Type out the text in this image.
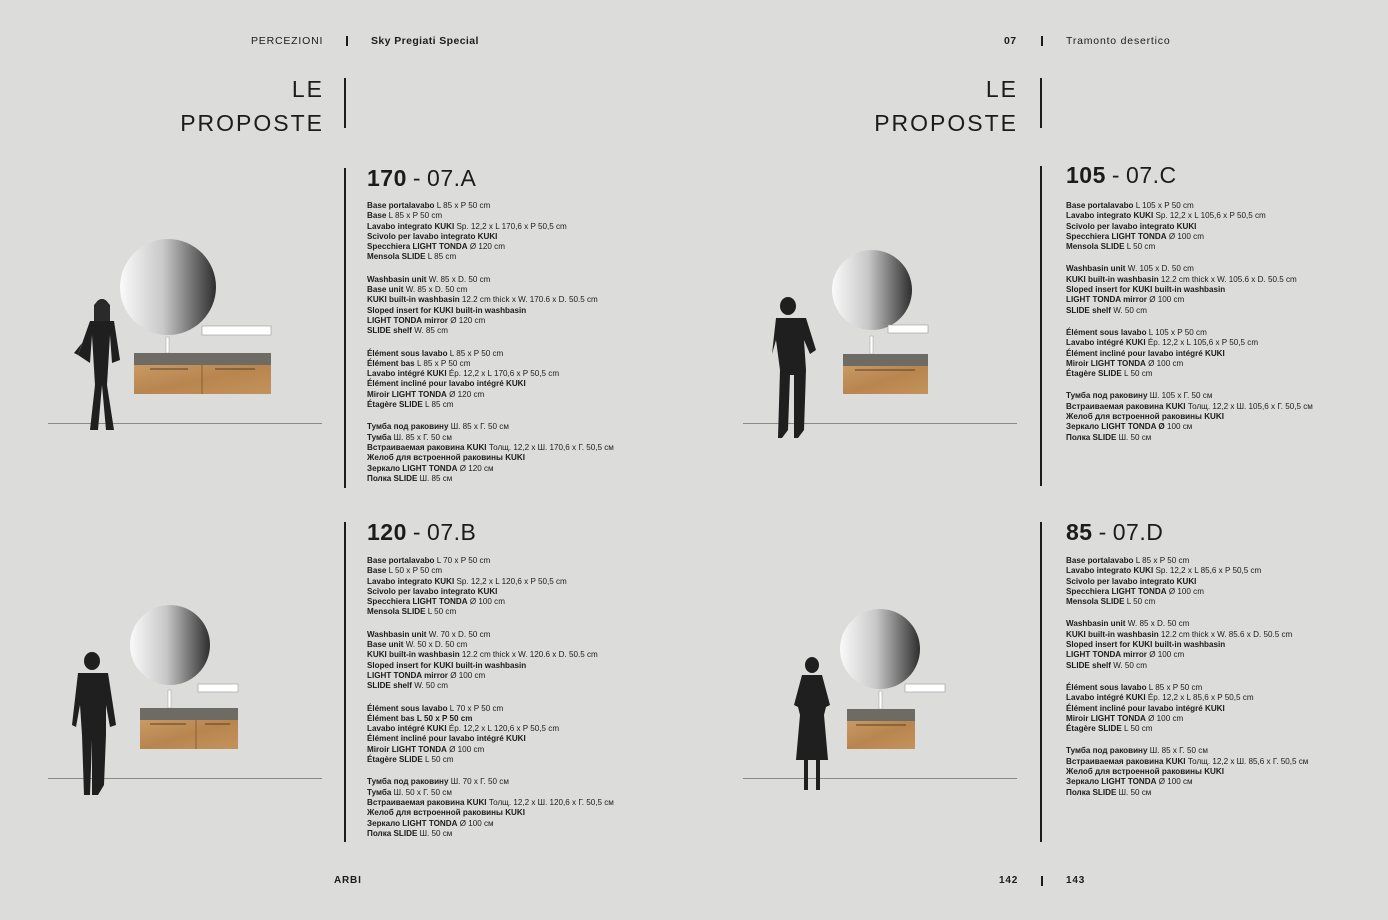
PERCEZIONI	Sky Pregiati Special	07	Tramonto desertico
LE
PROPOSTE
LE
PROPOSTE
170 - 07.A
Base portalavabo L 85 x P 50 cm
Base L 85 x P 50 cm
Lavabo integrato KUKI Sp. 12,2 x L 170,6 x P 50,5 cm
Scivolo per lavabo integrato KUKI
Specchiera LIGHT TONDA Ø 120 cm
Mensola SLIDE L 85 cm
Washbasin unit W. 85 x D. 50 cm
Base unit W. 85 x D. 50 cm
KUKI built-in washbasin 12.2 cm thick x W. 170.6 x D. 50.5 cm
Sloped insert for KUKI built-in washbasin
LIGHT TONDA mirror Ø 120 cm
SLIDE shelf W. 85 cm
Élément sous lavabo L 85 x P 50 cm
Élément bas L 85 x P 50 cm
Lavabo intégré KUKI Ép. 12,2 x L 170,6 x P 50,5 cm
Élément incliné pour lavabo intégré KUKI
Miroir LIGHT TONDA Ø 120 cm
Étagère SLIDE L 85 cm
Тумба под раковину Ш. 85 x Г. 50 см
Тумба Ш. 85 x Г. 50 см
Встраиваемая раковина KUKI Толщ. 12,2 x Ш. 170,6 x Г. 50,5 см
Желоб для встроенной раковины KUKI
Зеркало LIGHT TONDA Ø 120 см
Полка SLIDE Ш. 85 см
120 - 07.B
Base portalavabo L 70 x P 50 cm
Base L 50 x P 50 cm
Lavabo integrato KUKI Sp. 12,2 x L 120,6 x P 50,5 cm
Scivolo per lavabo integrato KUKI
Specchiera LIGHT TONDA Ø 100 cm
Mensola SLIDE L 50 cm
Washbasin unit W. 70 x D. 50 cm
Base unit W. 50 x D. 50 cm
KUKI built-in washbasin 12.2 cm thick x W. 120.6 x D. 50.5 cm
Sloped insert for KUKI built-in washbasin
LIGHT TONDA mirror Ø 100 cm
SLIDE shelf W. 50 cm
Élément sous lavabo L 70 x P 50 cm
Élément bas L 50 x P 50 cm
Lavabo intégré KUKI Ép. 12,2 x L 120,6 x P 50,5 cm
Élément incliné pour lavabo intégré KUKI
Miroir LIGHT TONDA Ø 100 cm
Étagère SLIDE L 50 cm
Тумба под раковину Ш. 70 x Г. 50 см
Тумба Ш. 50 x Г. 50 см
Встраиваемая раковина KUKI Толщ. 12,2 x Ш. 120,6 x Г. 50,5 см
Желоб для встроенной раковины KUKI
Зеркало LIGHT TONDA Ø 100 см
Полка SLIDE Ш. 50 см
105 - 07.C
Base portalavabo L 105 x P 50 cm
Lavabo integrato KUKI Sp. 12,2 x L 105,6 x P 50,5 cm
Scivolo per lavabo integrato KUKI
Specchiera LIGHT TONDA Ø 100 cm
Mensola SLIDE L 50 cm
Washbasin unit W. 105 x D. 50 cm
KUKI built-in washbasin 12.2 cm thick x W. 105.6 x D. 50.5 cm
Sloped insert for KUKI built-in washbasin
LIGHT TONDA mirror Ø 100 cm
SLIDE shelf W. 50 cm
Élément sous lavabo L 105 x P 50 cm
Lavabo intégré KUKI Ép. 12,2 x L 105,6 x P 50,5 cm
Élément incliné pour lavabo intégré KUKI
Miroir LIGHT TONDA Ø 100 cm
Étagère SLIDE L 50 cm
Тумба под раковину Ш. 105 x Г. 50 см
Встраиваемая раковина KUKI Толщ. 12,2 x Ш. 105,6 x Г. 50,5 см
Желоб для встроенной раковины KUKI
Зеркало LIGHT TONDA Ø 100 см
Полка SLIDE Ш. 50 см
85 - 07.D
Base portalavabo L 85 x P 50 cm
Lavabo integrato KUKI Sp. 12,2 x L 85,6 x P 50,5 cm
Scivolo per lavabo integrato KUKI
Specchiera LIGHT TONDA Ø 100 cm
Mensola SLIDE L 50 cm
Washbasin unit W. 85 x D. 50 cm
KUKI built-in washbasin 12.2 cm thick x W. 85.6 x D. 50.5 cm
Sloped insert for KUKI built-in washbasin
LIGHT TONDA mirror Ø 100 cm
SLIDE shelf W. 50 cm
Élément sous lavabo L 85 x P 50 cm
Lavabo intégré KUKI Ép. 12,2 x L 85,6 x P 50,5 cm
Élément incliné pour lavabo intégré KUKI
Miroir LIGHT TONDA Ø 100 cm
Étagère SLIDE L 50 cm
Тумба под раковину Ш. 85 x Г. 50 см
Встраиваемая раковина KUKI Толщ. 12,2 x Ш. 85,6 x Г. 50,5 см
Желоб для встроенной раковины KUKI
Зеркало LIGHT TONDA Ø 100 см
Полка SLIDE Ш. 50 см
ARBI	142	143
